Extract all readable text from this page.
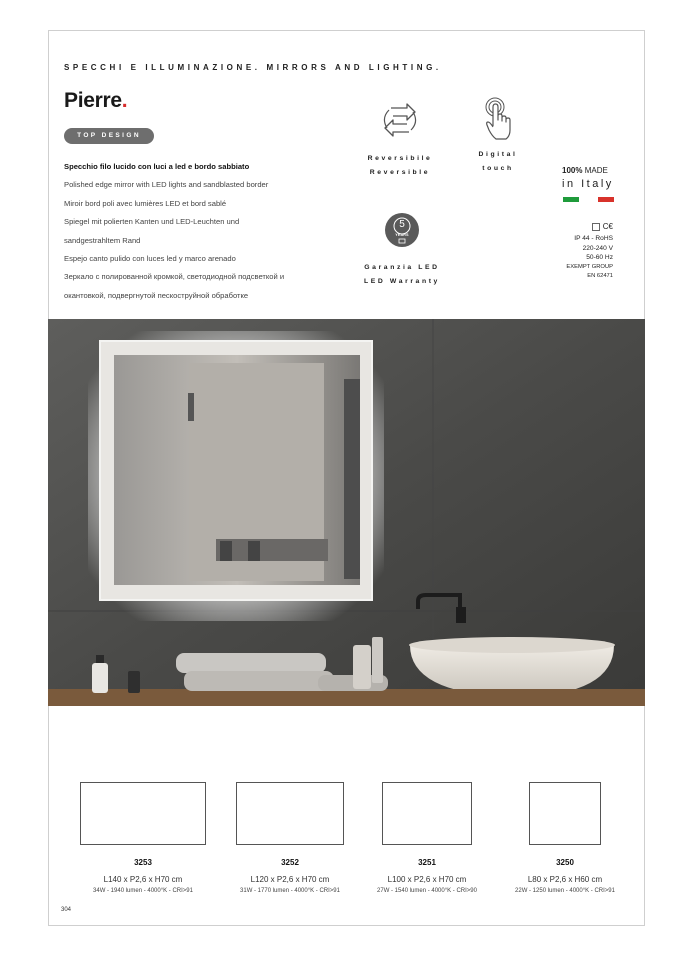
SPECCHI E ILLUMINAZIONE. MIRRORS AND LIGHTING.
Pierre.
TOP DESIGN
Specchio filo lucido con luci a led e bordo sabbiato
Polished edge mirror with LED lights and sandblasted border
Miroir bord poli avec lumières LED et bord sablé
Spiegel mit polierten Kanten und LED-Leuchten und
sandgestrahltem Rand
Espejo canto pulido con luces led y marco arenado
Зеркало с полированной кромкой, светодиодной подсветкой и
окантовкой, подвергнутой пескоструйной обработке
Reversibile
Reversible
Digital
touch
5
YEARS
Garanzia LED
LED Warranty
100% MADE
in Italy
C€
IP 44 - RoHS
220-240 V
50-60 Hz
EXEMPT GROUP
EN 62471
3253
L140 x P2,6 x H70 cm
34W - 1940 lumen - 4000°K - CRI>91
3252
L120 x P2,6 x H70 cm
31W - 1770 lumen - 4000°K - CRI>91
3251
L100 x P2,6 x H70 cm
27W - 1540 lumen - 4000°K - CRI>90
3250
L80 x P2,6 x H60 cm
22W - 1250 lumen - 4000°K - CRI>91
304
